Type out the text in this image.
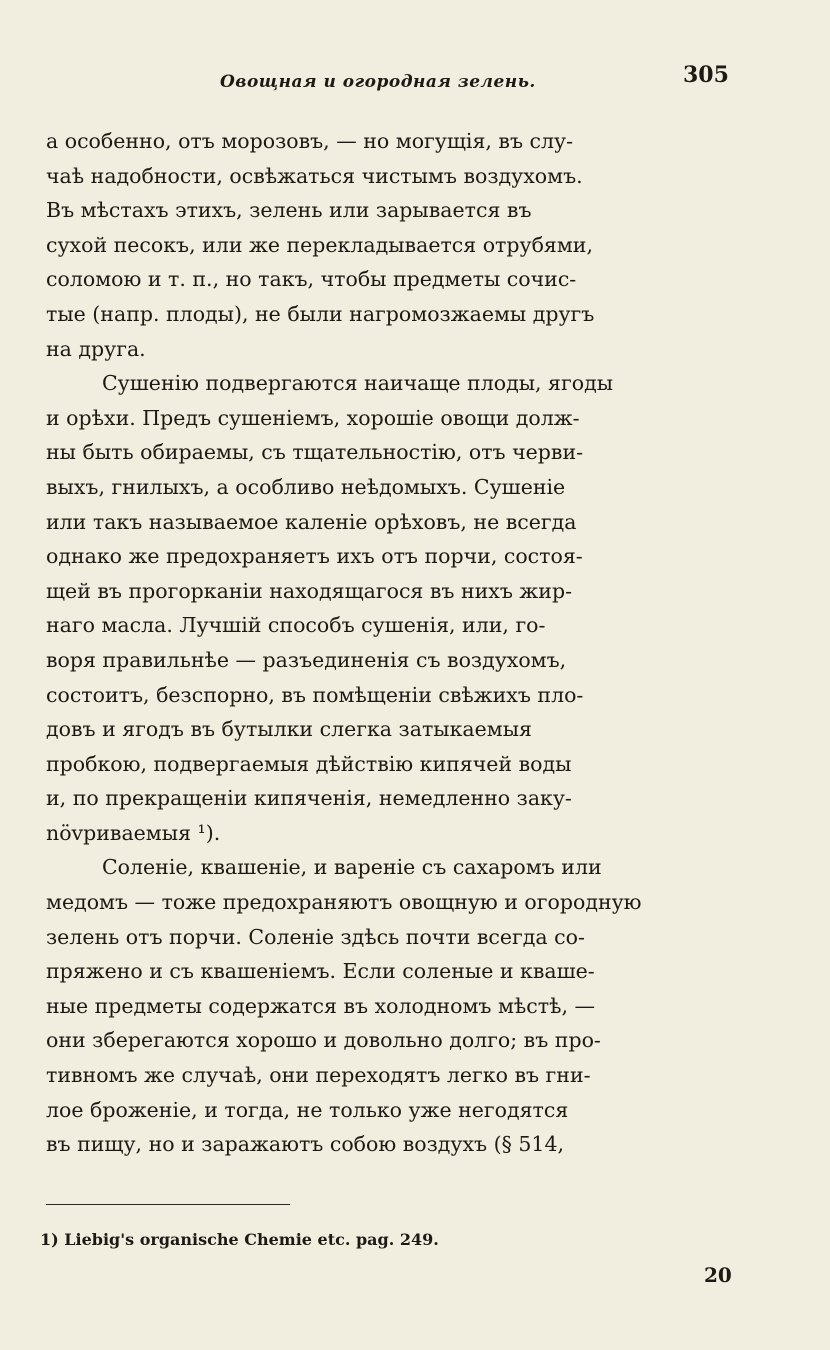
Овощная и огородная зелень.	305
а особенно, отъ морозовъ, — но могущія, въ слу-
чаѣ надобности, освѣжаться чистымъ воздухомъ.
Въ мѣстахъ этихъ, зелень или зарывается въ
сухой песокъ, или же перекладывается отрубями,
соломою и т. п., но такъ, чтобы предметы сочис-
тые (напр. плоды), не были нагромозжаемы другъ
на друга.
Сушенію подвергаются наичаще плоды, ягоды
и орѣхи. Предъ сушеніемъ, хорошіе овощи долж-
ны быть обираемы, съ тщательностію, отъ черви-
выхъ, гнилыхъ, а особливо неѣдомыхъ. Сушеніе
или такъ называемое каленіе орѣховъ, не всегда
однако же предохраняетъ ихъ отъ порчи, состоя-
щей въ прогорканіи находящагося въ нихъ жир-
наго масла. Лучшій способъ сушенія, или, го-
воря правильнѣе — разъединенія съ воздухомъ,
состоитъ, безспорно, въ помѣщеніи свѣжихъ пло-
довъ и ягодъ въ бутылки слегка затыкаемыя
пробкою, подвергаемыя дѣйствію кипячей воды
и, по прекращеніи кипяченія, немедленно заку-
növриваемыя ¹).
Соленіе, квашеніе, и вареніе съ сахаромъ или
медомъ — тоже предохраняютъ овощную и огородную
зелень отъ порчи. Соленіе здѣсь почти всегда со-
пряжено и съ квашеніемъ. Если соленые и кваше-
ные предметы содержатся въ холодномъ мѣстѣ, —
они зберегаются хорошо и довольно долго; въ про-
тивномъ же случаѣ, они переходятъ легко въ гни-
лое броженіе, и тогда, не только уже негодятся
въ пищу, но и заражаютъ собою воздухъ (§ 514,
1) Liebig's organische Chemie etc. pag. 249.
20
